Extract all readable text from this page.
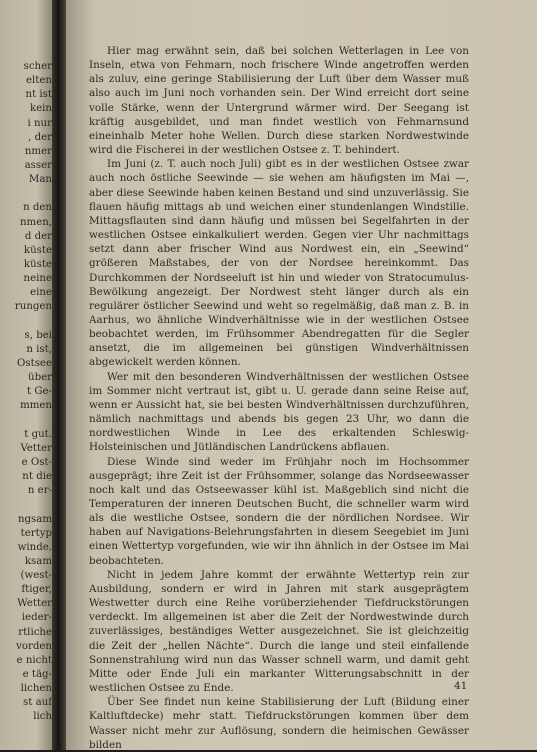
scher
elten
nt ist
kein
i nur
, der
nmer
asser
Man
n den
nmen,
d der
küste
küste
neine
eine
rungen
s, bei
n ist,
Ostsee
über
t Ge-
mmen
t gut.
Vetter
e Ost-
nt die
n er-
ngsam
tertyp
winde.
ksam
(west-
ftiger,
Wetter
ieder-
rtliche
vorden
e nicht
e täg-
lichen
st auf
lich

Hier mag erwähnt sein, daß bei solchen Wetterlagen in Lee von Inseln, etwa von Fehmarn, noch frischere Winde angetroffen werden als zuluv, eine geringe Stabilisierung der Luft über dem Wasser muß also auch im Juni noch vorhanden sein. Der Wind erreicht dort seine volle Stärke, wenn der Untergrund wärmer wird. Der Seegang ist kräftig ausgebildet, und man findet westlich von Fehmarnsund eineinhalb Meter hohe Wellen. Durch diese starken Nordwestwinde wird die Fischerei in der westlichen Ostsee z. T. behindert.

Im Juni (z. T. auch noch Juli) gibt es in der westlichen Ostsee zwar auch noch östliche Seewinde — sie wehen am häufigsten im Mai —, aber diese Seewinde haben keinen Bestand und sind unzuverlässig. Sie flauen häufig mittags ab und weichen einer stundenlangen Windstille. Mittagsflauten sind dann häufig und müssen bei Segelfahrten in der westlichen Ostsee einkalkuliert werden. Gegen vier Uhr nachmittags setzt dann aber frischer Wind aus Nordwest ein, ein „Seewind“ größeren Maßstabes, der von der Nordsee hereinkommt. Das Durchkommen der Nordseeluft ist hin und wieder von Stratocumulus-Bewölkung angezeigt. Der Nordwest steht länger durch als ein regulärer östlicher Seewind und weht so regelmäßig, daß man z. B. in Aarhus, wo ähnliche Windverhältnisse wie in der westlichen Ostsee beobachtet werden, im Frühsommer Abendregatten für die Segler ansetzt, die im allgemeinen bei günstigen Windverhältnissen abgewickelt werden können.

Wer mit den besonderen Windverhältnissen der westlichen Ostsee im Sommer nicht vertraut ist, gibt u. U. gerade dann seine Reise auf, wenn er Aussicht hat, sie bei besten Windverhältnissen durchzuführen, nämlich nachmittags und abends bis gegen 23 Uhr, wo dann die nordwestlichen Winde in Lee des erkaltenden Schleswig-Holsteinischen und Jütländischen Landrückens abflauen.

Diese Winde sind weder im Frühjahr noch im Hochsommer ausgeprägt; ihre Zeit ist der Frühsommer, solange das Nordseewasser noch kalt und das Ostseewasser kühl ist. Maßgeblich sind nicht die Temperaturen der inneren Deutschen Bucht, die schneller warm wird als die westliche Ostsee, sondern die der nördlichen Nordsee. Wir haben auf Navigations-Belehrungsfahrten in diesem Seegebiet im Juni einen Wettertyp vorgefunden, wie wir ihn ähnlich in der Ostsee im Mai beobachteten.

Nicht in jedem Jahre kommt der erwähnte Wettertyp rein zur Ausbildung, sondern er wird in Jahren mit stark ausgeprägtem Westwetter durch eine Reihe vorüberziehender Tiefdruckstörungen verdeckt. Im allgemeinen ist aber die Zeit der Nordwestwinde durch zuverlässiges, beständiges Wetter ausgezeichnet. Sie ist gleichzeitig die Zeit der „hellen Nächte“. Durch die lange und steil einfallende Sonnenstrahlung wird nun das Wasser schnell warm, und damit geht Mitte oder Ende Juli ein markanter Witterungsabschnitt in der westlichen Ostsee zu Ende.

Über See findet nun keine Stabilisierung der Luft (Bildung einer Kaltluftdecke) mehr statt. Tiefdruckstörungen kommen über dem Wasser nicht mehr zur Auflösung, sondern die heimischen Gewässer bilden

41
